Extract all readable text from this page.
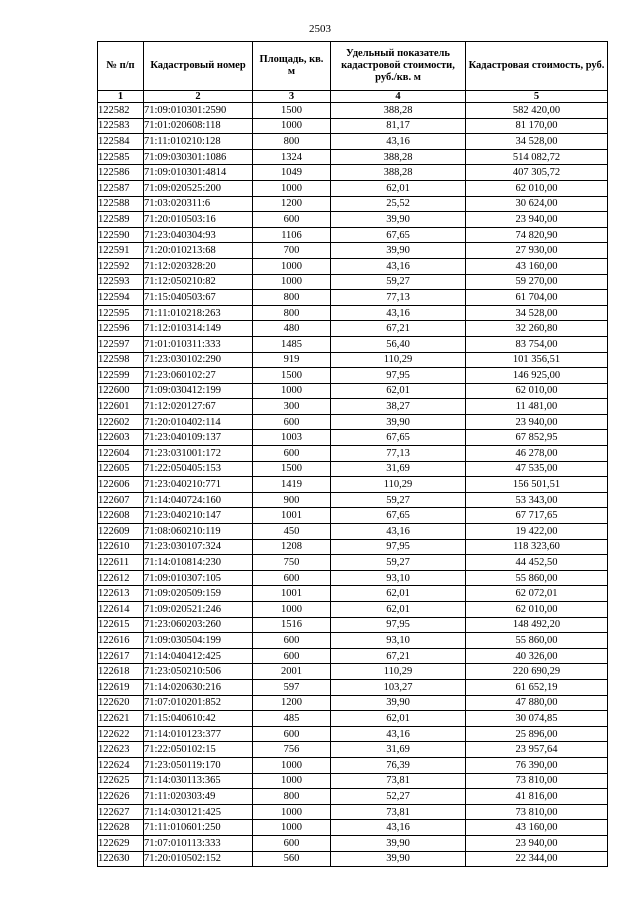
2503
№ п/п	Кадастровый номер	Площадь, кв. м	Удельный показатель кадастровой стоимости, руб./кв. м	Кадастровая стоимость, руб.
1	2	3	4	5
122582	71:09:010301:2590	1500	388,28	582 420,00
122583	71:01:020608:118	1000	81,17	81 170,00
122584	71:11:010210:128	800	43,16	34 528,00
122585	71:09:030301:1086	1324	388,28	514 082,72
122586	71:09:010301:4814	1049	388,28	407 305,72
122587	71:09:020525:200	1000	62,01	62 010,00
122588	71:03:020311:6	1200	25,52	30 624,00
122589	71:20:010503:16	600	39,90	23 940,00
122590	71:23:040304:93	1106	67,65	74 820,90
122591	71:20:010213:68	700	39,90	27 930,00
122592	71:12:020328:20	1000	43,16	43 160,00
122593	71:12:050210:82	1000	59,27	59 270,00
122594	71:15:040503:67	800	77,13	61 704,00
122595	71:11:010218:263	800	43,16	34 528,00
122596	71:12:010314:149	480	67,21	32 260,80
122597	71:01:010311:333	1485	56,40	83 754,00
122598	71:23:030102:290	919	110,29	101 356,51
122599	71:23:060102:27	1500	97,95	146 925,00
122600	71:09:030412:199	1000	62,01	62 010,00
122601	71:12:020127:67	300	38,27	11 481,00
122602	71:20:010402:114	600	39,90	23 940,00
122603	71:23:040109:137	1003	67,65	67 852,95
122604	71:23:031001:172	600	77,13	46 278,00
122605	71:22:050405:153	1500	31,69	47 535,00
122606	71:23:040210:771	1419	110,29	156 501,51
122607	71:14:040724:160	900	59,27	53 343,00
122608	71:23:040210:147	1001	67,65	67 717,65
122609	71:08:060210:119	450	43,16	19 422,00
122610	71:23:030107:324	1208	97,95	118 323,60
122611	71:14:010814:230	750	59,27	44 452,50
122612	71:09:010307:105	600	93,10	55 860,00
122613	71:09:020509:159	1001	62,01	62 072,01
122614	71:09:020521:246	1000	62,01	62 010,00
122615	71:23:060203:260	1516	97,95	148 492,20
122616	71:09:030504:199	600	93,10	55 860,00
122617	71:14:040412:425	600	67,21	40 326,00
122618	71:23:050210:506	2001	110,29	220 690,29
122619	71:14:020630:216	597	103,27	61 652,19
122620	71:07:010201:852	1200	39,90	47 880,00
122621	71:15:040610:42	485	62,01	30 074,85
122622	71:14:010123:377	600	43,16	25 896,00
122623	71:22:050102:15	756	31,69	23 957,64
122624	71:23:050119:170	1000	76,39	76 390,00
122625	71:14:030113:365	1000	73,81	73 810,00
122626	71:11:020303:49	800	52,27	41 816,00
122627	71:14:030121:425	1000	73,81	73 810,00
122628	71:11:010601:250	1000	43,16	43 160,00
122629	71:07:010113:333	600	39,90	23 940,00
122630	71:20:010502:152	560	39,90	22 344,00
